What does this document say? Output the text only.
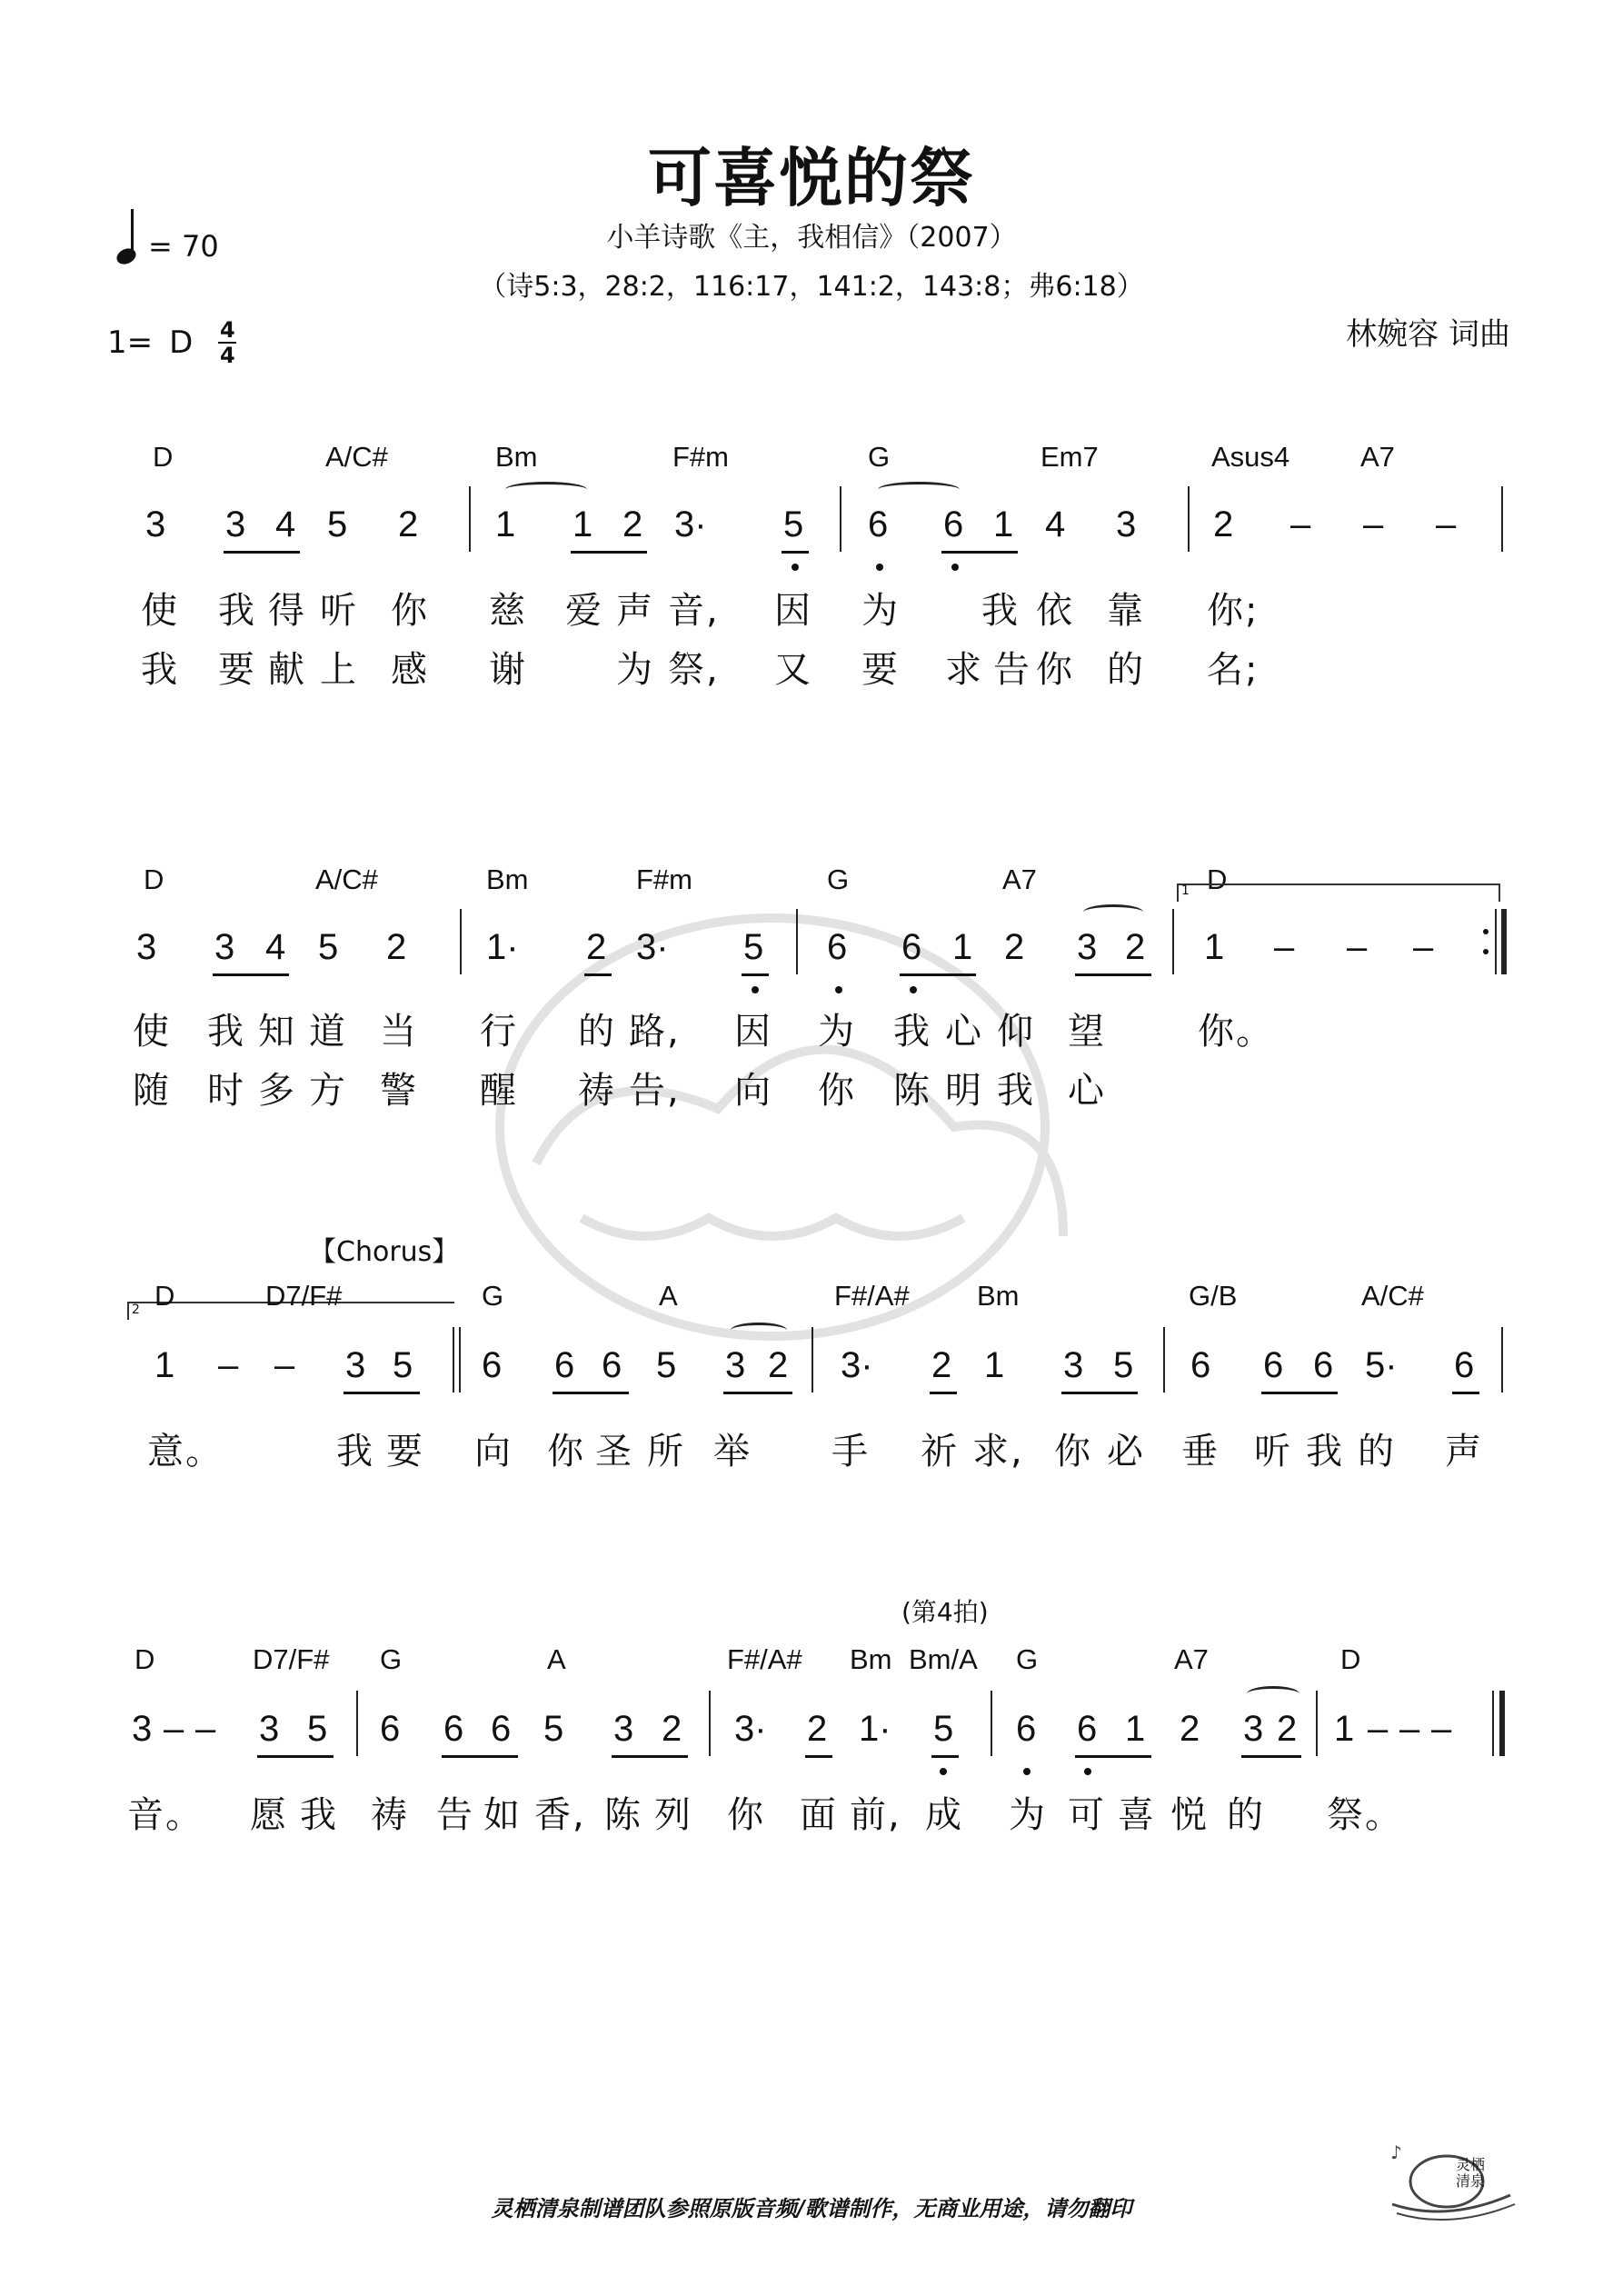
可喜悦的祭
= 70	小羊诗歌《主，我相信》（2007）
（诗5:3，28:2，116:17，141:2，143:8；弗6:18）
1= D 4
4
林婉容 词曲
D	A/C#	Bm	F#m	G	Em7	Asus4	A7
3 3 4 5 2 1 1 2 3· 5 6 6 1 4 3 2 – – –
使 我 得 听 你 慈 爱 声 音, 因 为 我 依 靠 你;
我 要 献 上 感 谢 为 祭, 又 要 求 告 你 的 名;
D	A/C#	Bm	F#m	G	A7	D
1
3 3 4 5 2 1· 2 3· 5 6 6 1 2 3 2 1 – – –
使 我 知 道 当 行 的 路, 因 为 我 心 仰 望	你。
随 时 多 方 警 醒 祷 告, 向 你 陈 明 我 心
【Chorus】
2 D	D7/F#	G	A	F#/A# Bm	G/B	A/C#
1 – – 3 5 6 6 6 5 3 2 3· 2 1 3 5 6 6 6 5· 6
意。	我 要 向 你 圣 所 举 手 祈 求, 你 必 垂 听 我 的 声
(第4拍)
D	D7/F# G	A	F#/A# Bm Bm/A G	A7	D
3 – – 3 5 6 6 6 5 3 2 3· 2 1· 5 6 6 1 2 3 2 1 – – –
音。 愿 我 祷 告 如 香, 陈 列 你 面 前, 成 为 可 喜 悦 的 祭。
灵栖清泉制谱团队参照原版音频/歌谱制作，无商业用途，请勿翻印
♪
灵栖清泉
